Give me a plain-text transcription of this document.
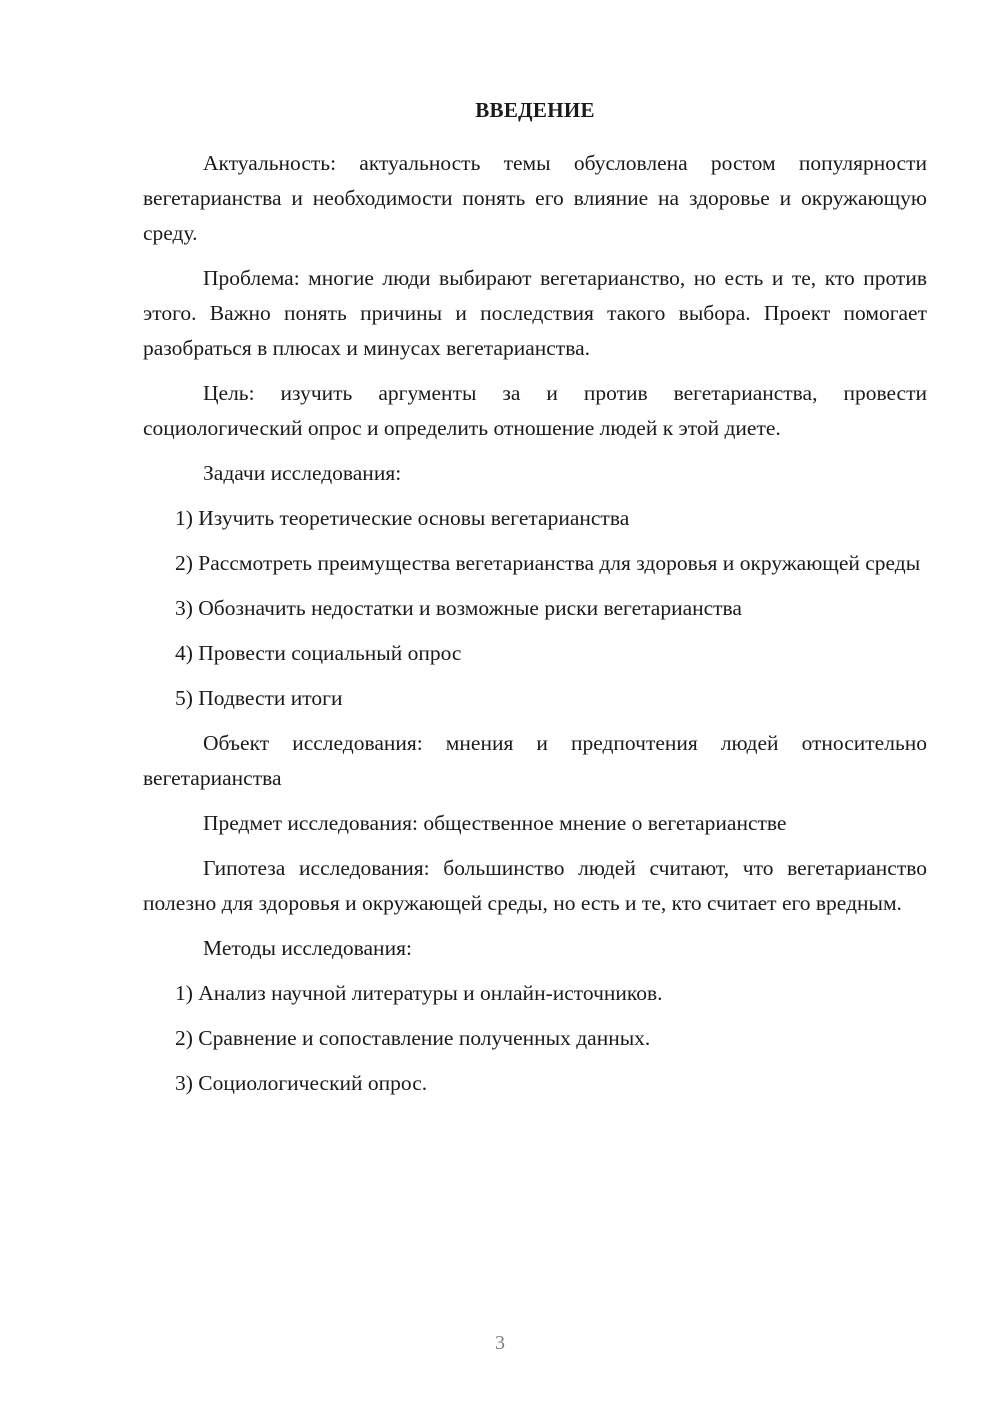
ВВЕДЕНИЕ

Актуальность: актуальность темы обусловлена ростом популярности вегетарианства и необходимости понять его влияние на здоровье и окружающую среду.

Проблема: многие люди выбирают вегетарианство, но есть и те, кто против этого. Важно понять причины и последствия такого выбора. Проект помогает разобраться в плюсах и минусах вегетарианства.

Цель: изучить аргументы за и против вегетарианства, провести социологический опрос и определить отношение людей к этой диете.

Задачи исследования:

1) Изучить теоретические основы вегетарианства

2) Рассмотреть преимущества вегетарианства для здоровья и окружающей среды

3) Обозначить недостатки и возможные риски вегетарианства

4) Провести социальный опрос

5) Подвести итоги

Объект исследования: мнения и предпочтения людей относительно вегетарианства

Предмет исследования: общественное мнение о вегетарианстве

Гипотеза исследования: большинство людей считают, что вегетарианство полезно для здоровья и окружающей среды, но есть и те, кто считает его вредным.

Методы исследования:

1) Анализ научной литературы и онлайн-источников.

2) Сравнение и сопоставление полученных данных.

3) Социологический опрос.

3
